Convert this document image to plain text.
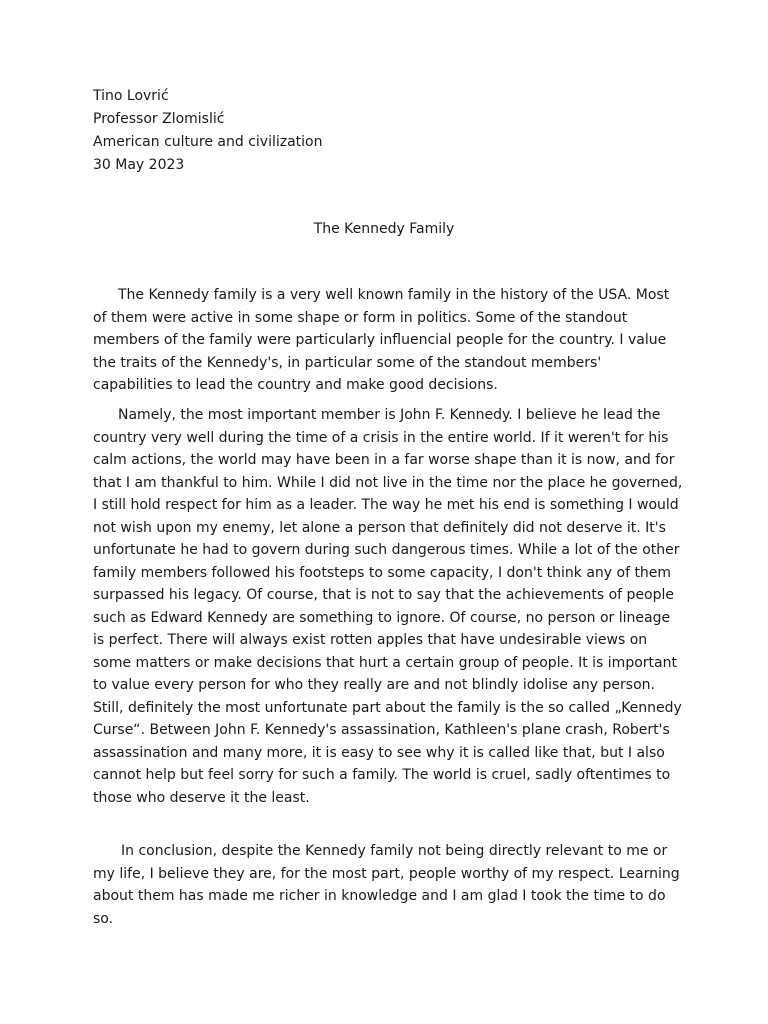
Tino Lovrić
Professor Zlomislić
American culture and civilization
30 May 2023
The Kennedy Family

The Kennedy family is a very well known family in the history of the USA. Most of them were active in some shape or form in politics. Some of the standout members of the family were particularly influencial people for the country. I value the traits of the Kennedy's, in particular some of the standout members' capabilities to lead the country and make good decisions.

Namely, the most important member is John F. Kennedy. I believe he lead the country very well during the time of a crisis in the entire world. If it weren't for his calm actions, the world may have been in a far worse shape than it is now, and for that I am thankful to him. While I did not live in the time nor the place he governed, I still hold respect for him as a leader. The way he met his end is something I would not wish upon my enemy, let alone a person that definitely did not deserve it. It's unfortunate he had to govern during such dangerous times. While a lot of the other family members followed his footsteps to some capacity, I don't think any of them surpassed his legacy. Of course, that is not to say that the achievements of people such as Edward Kennedy are something to ignore. Of course, no person or lineage is perfect. There will always exist rotten apples that have undesirable views on some matters or make decisions that hurt a certain group of people. It is important to value every person for who they really are and not blindly idolise any person. Still, definitely the most unfortunate part about the family is the so called „Kennedy Curse“. Between John F. Kennedy's assassination, Kathleen's plane crash, Robert's assassination and many more, it is easy to see why it is called like that, but I also cannot help but feel sorry for such a family. The world is cruel, sadly oftentimes to those who deserve it the least.

In conclusion, despite the Kennedy family not being directly relevant to me or my life, I believe they are, for the most part, people worthy of my respect. Learning about them has made me richer in knowledge and I am glad I took the time to do so.
